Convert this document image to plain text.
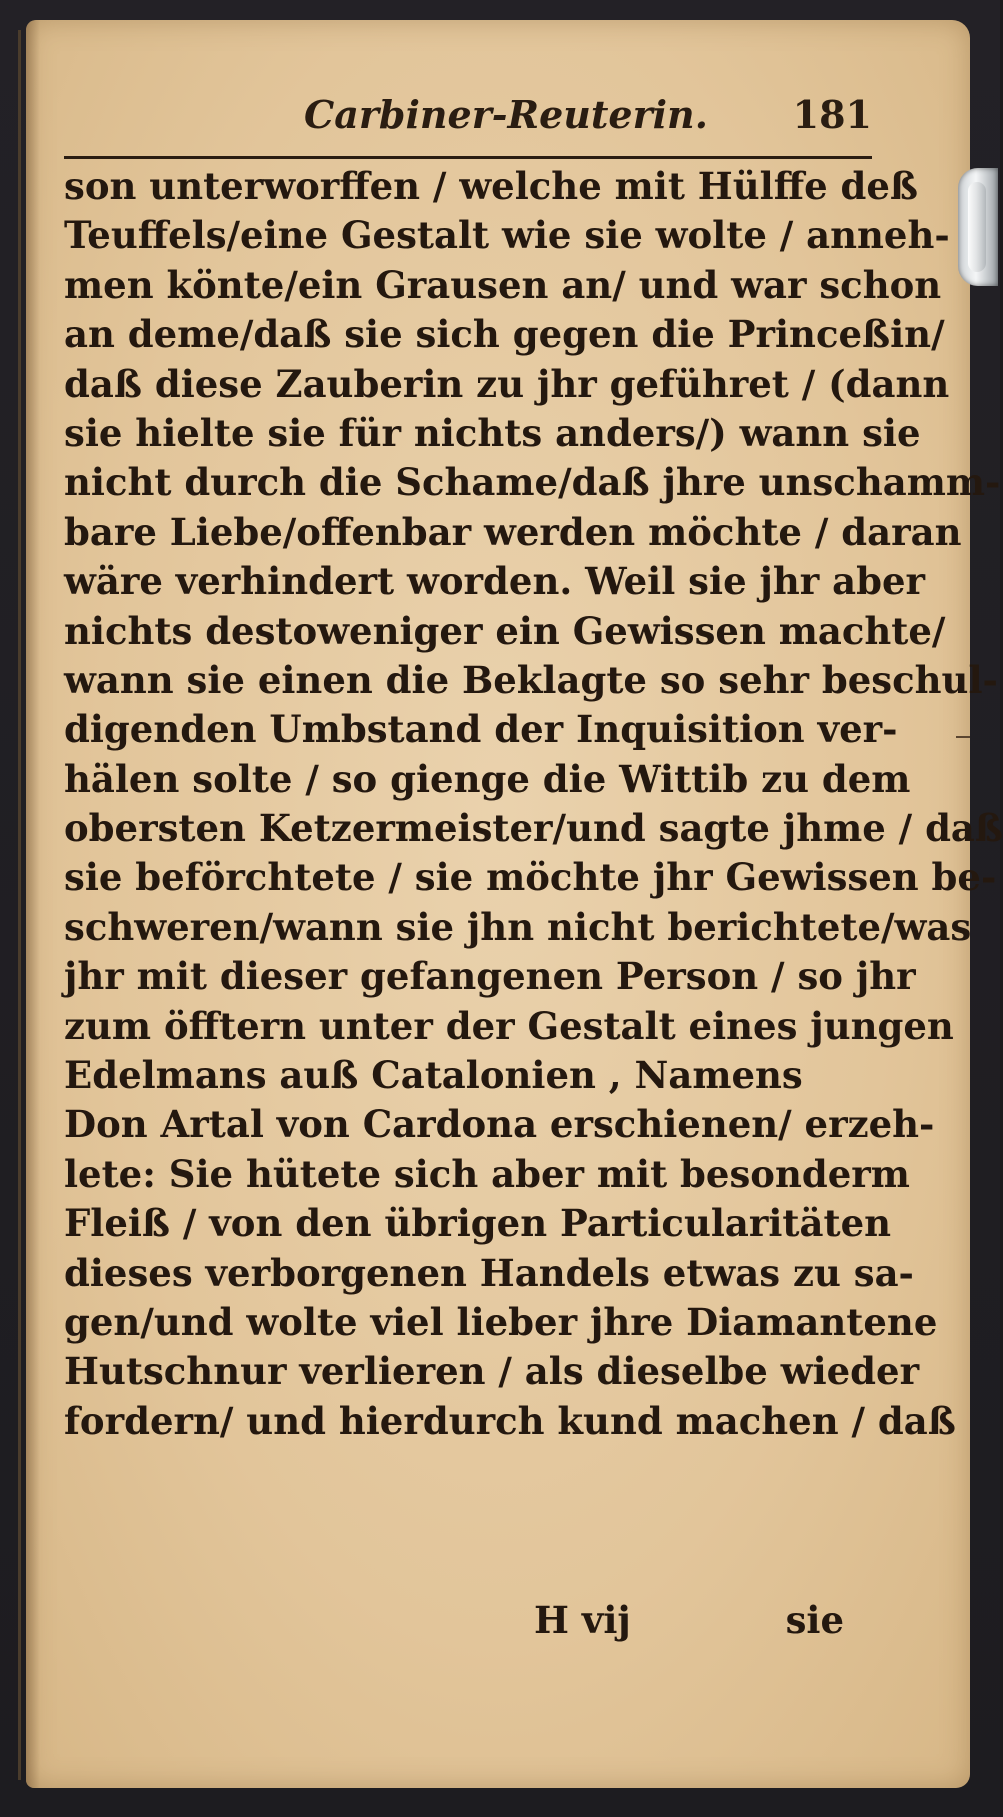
Carbiner-Reuterin. 181
son unterworffen / welche mit Hülffe deß
Teuffels/eine Gestalt wie sie wolte / anneh-
men könte/ein Grausen an/ und war schon
an deme/daß sie sich gegen die Princeßin/
daß diese Zauberin zu jhr geführet / (dann
sie hielte sie für nichts anders/) wann sie
nicht durch die Schame/daß jhre unschamm-
bare Liebe/offenbar werden möchte / daran
wäre verhindert worden. Weil sie jhr aber
nichts destoweniger ein Gewissen machte/
wann sie einen die Beklagte so sehr beschul-
digenden Umbstand der Inquisition ver-
hälen solte / so gienge die Wittib zu dem
obersten Ketzermeister/und sagte jhme / daß
sie beförchtete / sie möchte jhr Gewissen be-
schweren/wann sie jhn nicht berichtete/was
jhr mit dieser gefangenen Person / so jhr
zum öfftern unter der Gestalt eines jungen
Edelmans auß Catalonien , Namens
Don Artal von Cardona erschienen/ erzeh-
lete: Sie hütete sich aber mit besonderm
Fleiß / von den übrigen Particularitäten
dieses verborgenen Handels etwas zu sa-
gen/und wolte viel lieber jhre Diamantene
Hutschnur verlieren / als dieselbe wieder
fordern/ und hierdurch kund machen / daß
H vij	sie
